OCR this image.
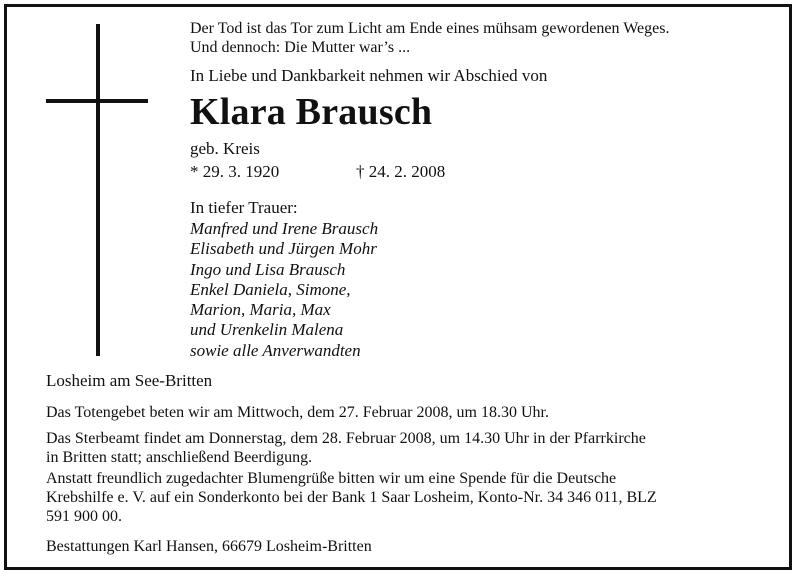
Der Tod ist das Tor zum Licht am Ende eines mühsam gewordenen Weges.
Und dennoch: Die Mutter war’s ...
In Liebe und Dankbarkeit nehmen wir Abschied von
Klara Brausch
geb. Kreis
* 29. 3. 1920	† 24. 2. 2008
In tiefer Trauer:
Manfred und Irene Brausch
Elisabeth und Jürgen Mohr
Ingo und Lisa Brausch
Enkel Daniela, Simone,
Marion, Maria, Max
und Urenkelin Malena
sowie alle Anverwandten
Losheim am See-Britten
Das Totengebet beten wir am Mittwoch, dem 27. Februar 2008, um 18.30 Uhr.
Das Sterbeamt findet am Donnerstag, dem 28. Februar 2008, um 14.30 Uhr in der Pfarrkirche
in Britten statt; anschließend Beerdigung.
Anstatt freundlich zugedachter Blumengrüße bitten wir um eine Spende für die Deutsche
Krebshilfe e. V. auf ein Sonderkonto bei der Bank 1 Saar Losheim, Konto-Nr. 34 346 011, BLZ
591 900 00.
Bestattungen Karl Hansen, 66679 Losheim-Britten
